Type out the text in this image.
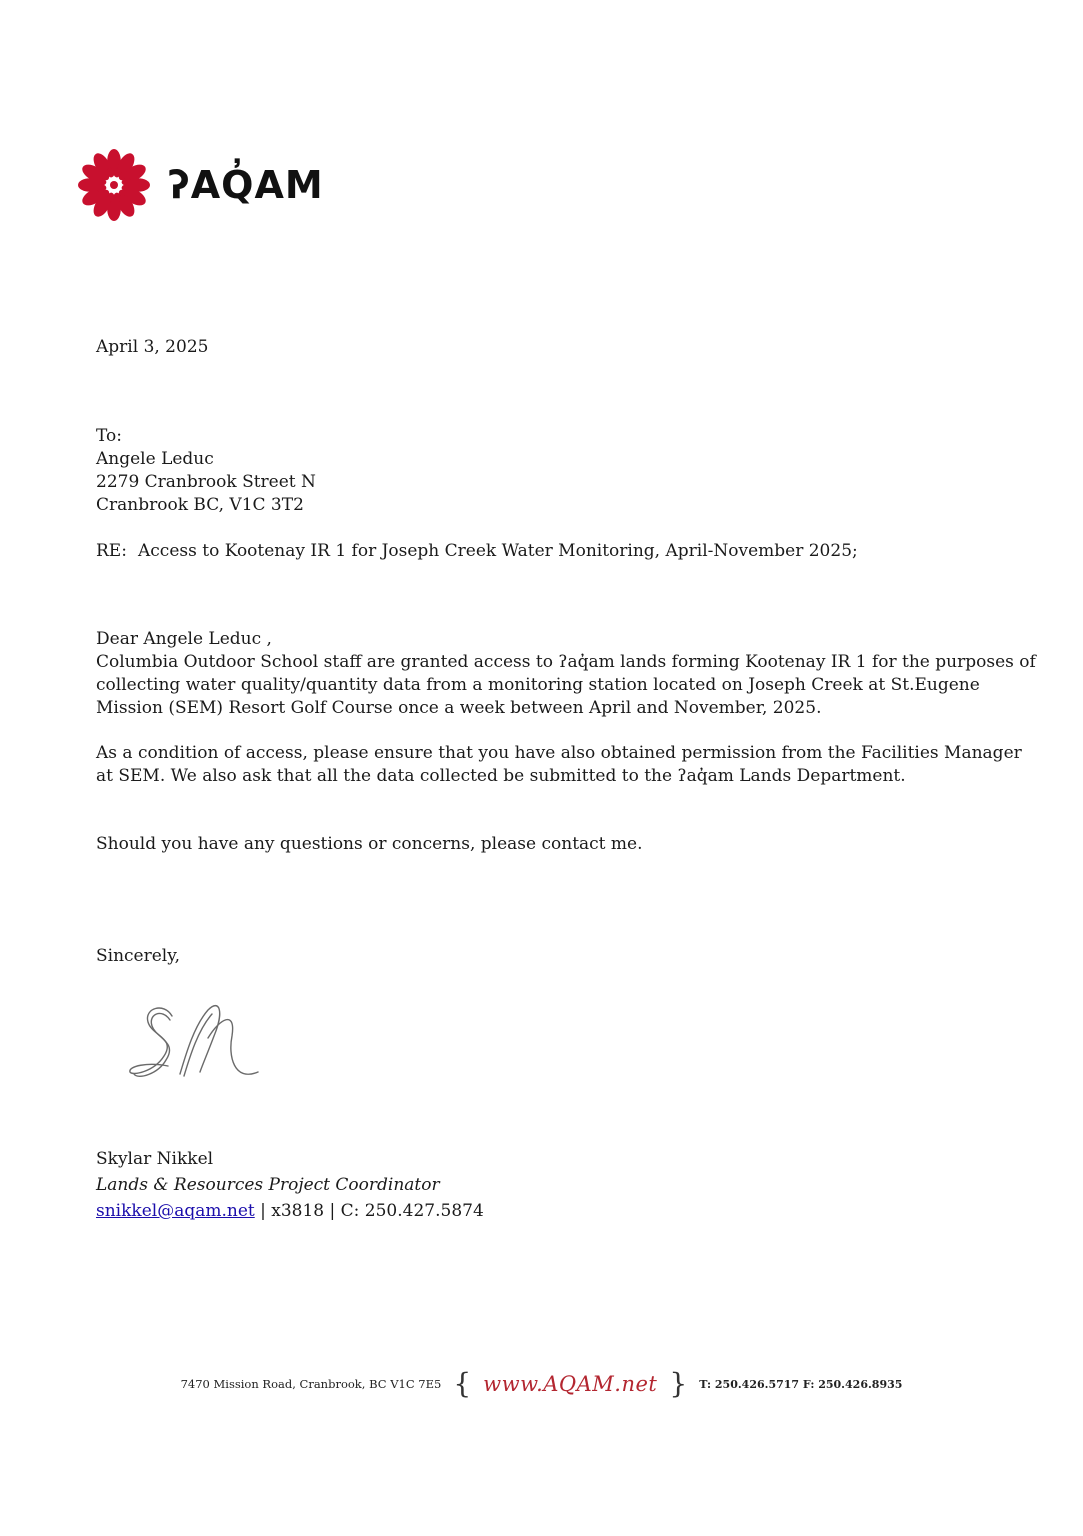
ʔAQ̓AM
April 3, 2025
To:
Angele Leduc
2279 Cranbrook Street N
Cranbrook BC, V1C 3T2
RE: Access to Kootenay IR 1 for Joseph Creek Water Monitoring, April-November 2025;
Dear Angele Leduc ,
Columbia Outdoor School staff are granted access to ʔaq̓am lands forming Kootenay IR 1 for the purposes of
collecting water quality/quantity data from a monitoring station located on Joseph Creek at St.Eugene
Mission (SEM) Resort Golf Course once a week between April and November, 2025.
As a condition of access, please ensure that you have also obtained permission from the Facilities Manager
at SEM. We also ask that all the data collected be submitted to the ʔaq̓am Lands Department.
Should you have any questions or concerns, please contact me.
Sincerely,
Skylar Nikkel
Lands & Resources Project Coordinator
snikkel@aqam.net | x3818 | C: 250.427.5874
7470 Mission Road, Cranbrook, BC V1C 7E5 { www.AQAM.net } T: 250.426.5717 F: 250.426.8935
